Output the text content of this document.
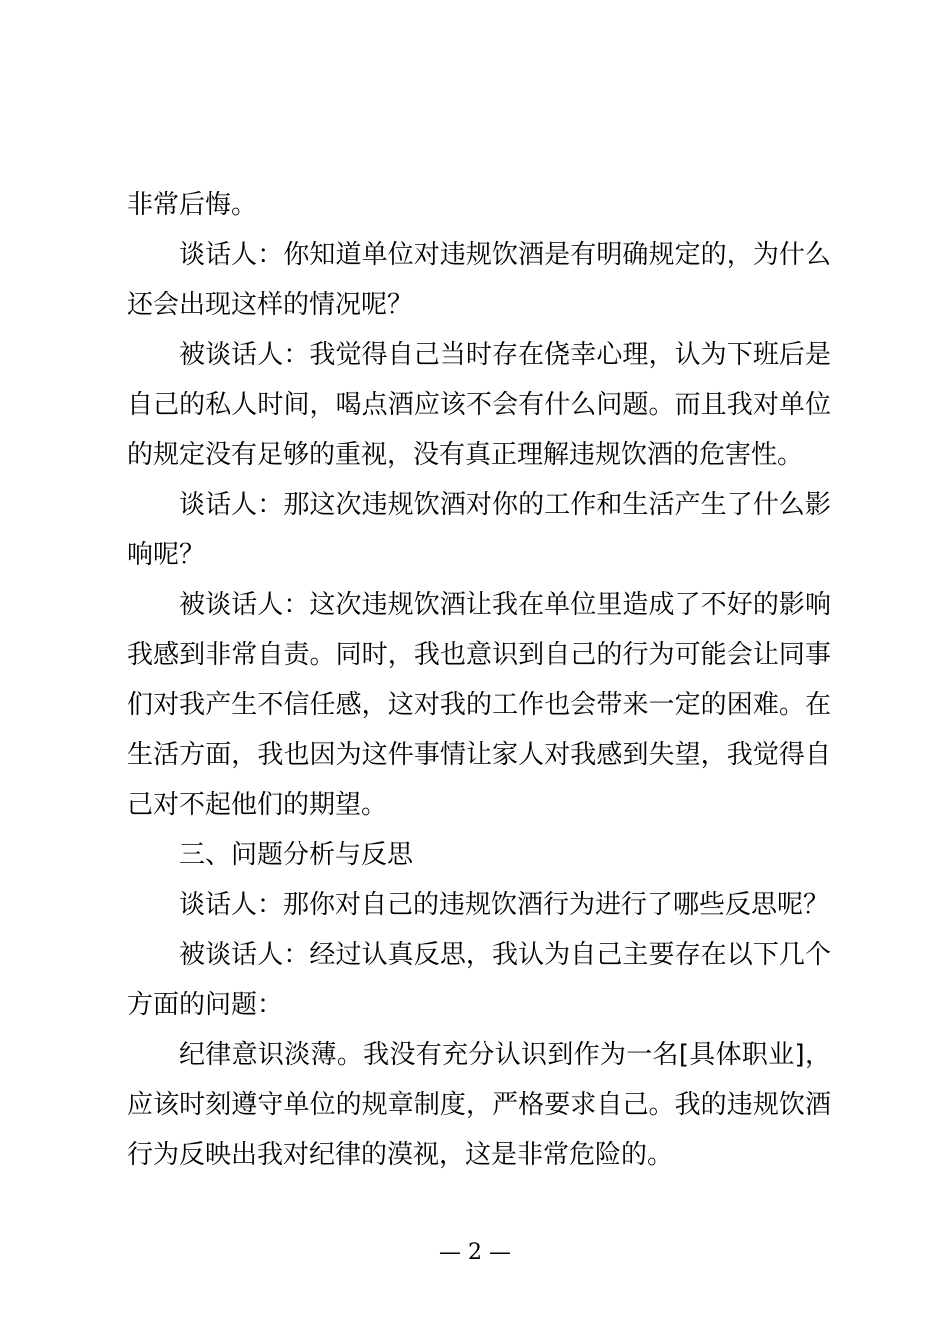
非常后悔。
谈话人：你知道单位对违规饮酒是有明确规定的，为什么
还会出现这样的情况呢？
被谈话人：我觉得自己当时存在侥幸心理，认为下班后是
自己的私人时间，喝点酒应该不会有什么问题。而且我对单位
的规定没有足够的重视，没有真正理解违规饮酒的危害性。
谈话人：那这次违规饮酒对你的工作和生活产生了什么影
响呢？
被谈话人：这次违规饮酒让我在单位里造成了不好的影响
我感到非常自责。同时，我也意识到自己的行为可能会让同事
们对我产生不信任感，这对我的工作也会带来一定的困难。在
生活方面，我也因为这件事情让家人对我感到失望，我觉得自
己对不起他们的期望。
三、问题分析与反思
谈话人：那你对自己的违规饮酒行为进行了哪些反思呢？
被谈话人：经过认真反思，我认为自己主要存在以下几个
方面的问题：
纪律意识淡薄。我没有充分认识到作为一名[具体职业]，
应该时刻遵守单位的规章制度，严格要求自己。我的违规饮酒
行为反映出我对纪律的漠视，这是非常危险的。
— 2 —
